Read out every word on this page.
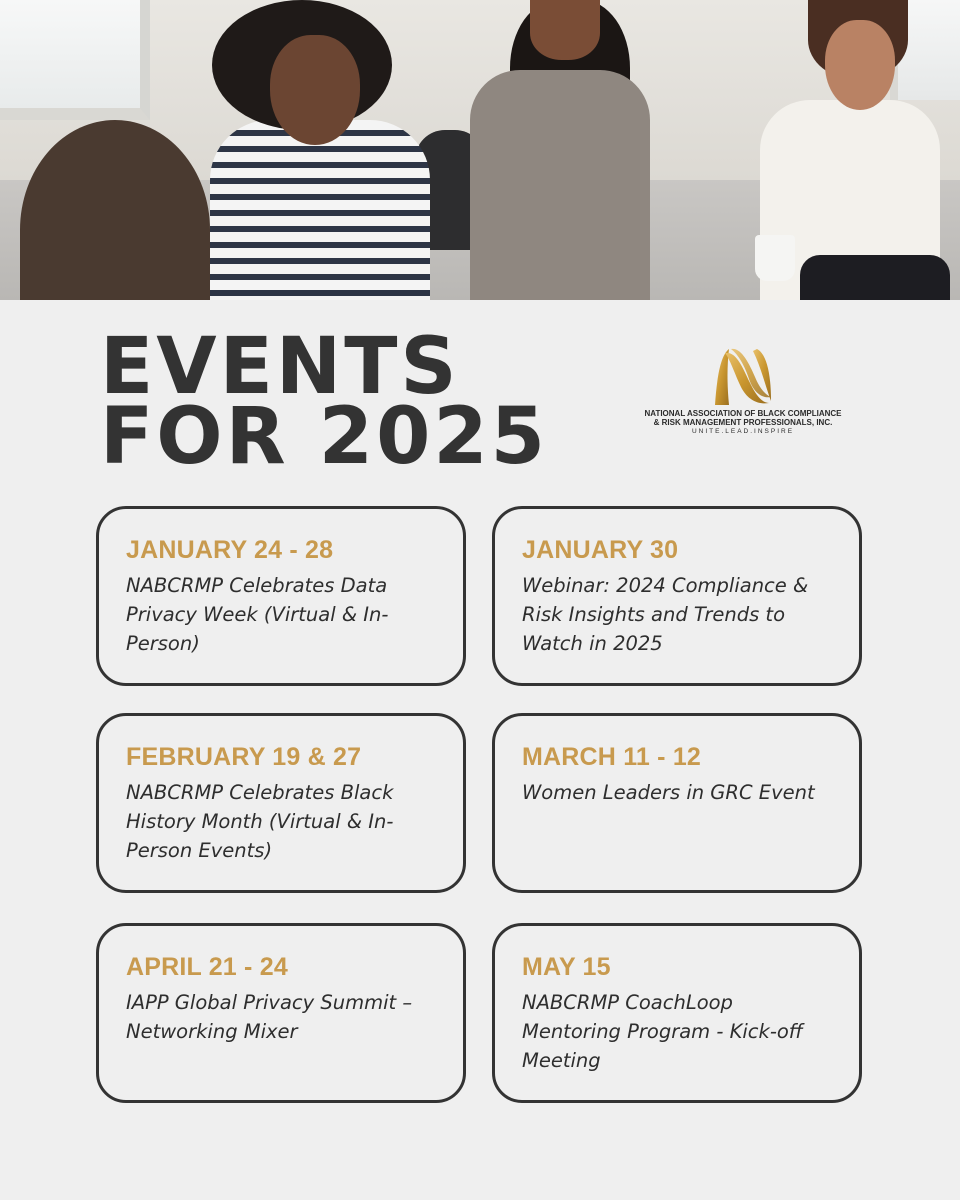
EVENTS
FOR 2025	NATIONAL ASSOCIATION OF BLACK COMPLIANCE
& RISK MANAGEMENT PROFESSIONALS, INC.
UNITE.LEAD.INSPIRE
JANUARY 24 - 28
NABCRMP Celebrates Data Privacy Week (Virtual & In-Person)
JANUARY 30
Webinar: 2024 Compliance & Risk Insights and Trends to Watch in 2025
FEBRUARY 19 & 27
NABCRMP Celebrates Black History Month (Virtual & In-Person Events)
MARCH 11 - 12
Women Leaders in GRC Event
APRIL 21 - 24
IAPP Global Privacy Summit – Networking Mixer
MAY 15
NABCRMP CoachLoop Mentoring Program - Kick-off Meeting
